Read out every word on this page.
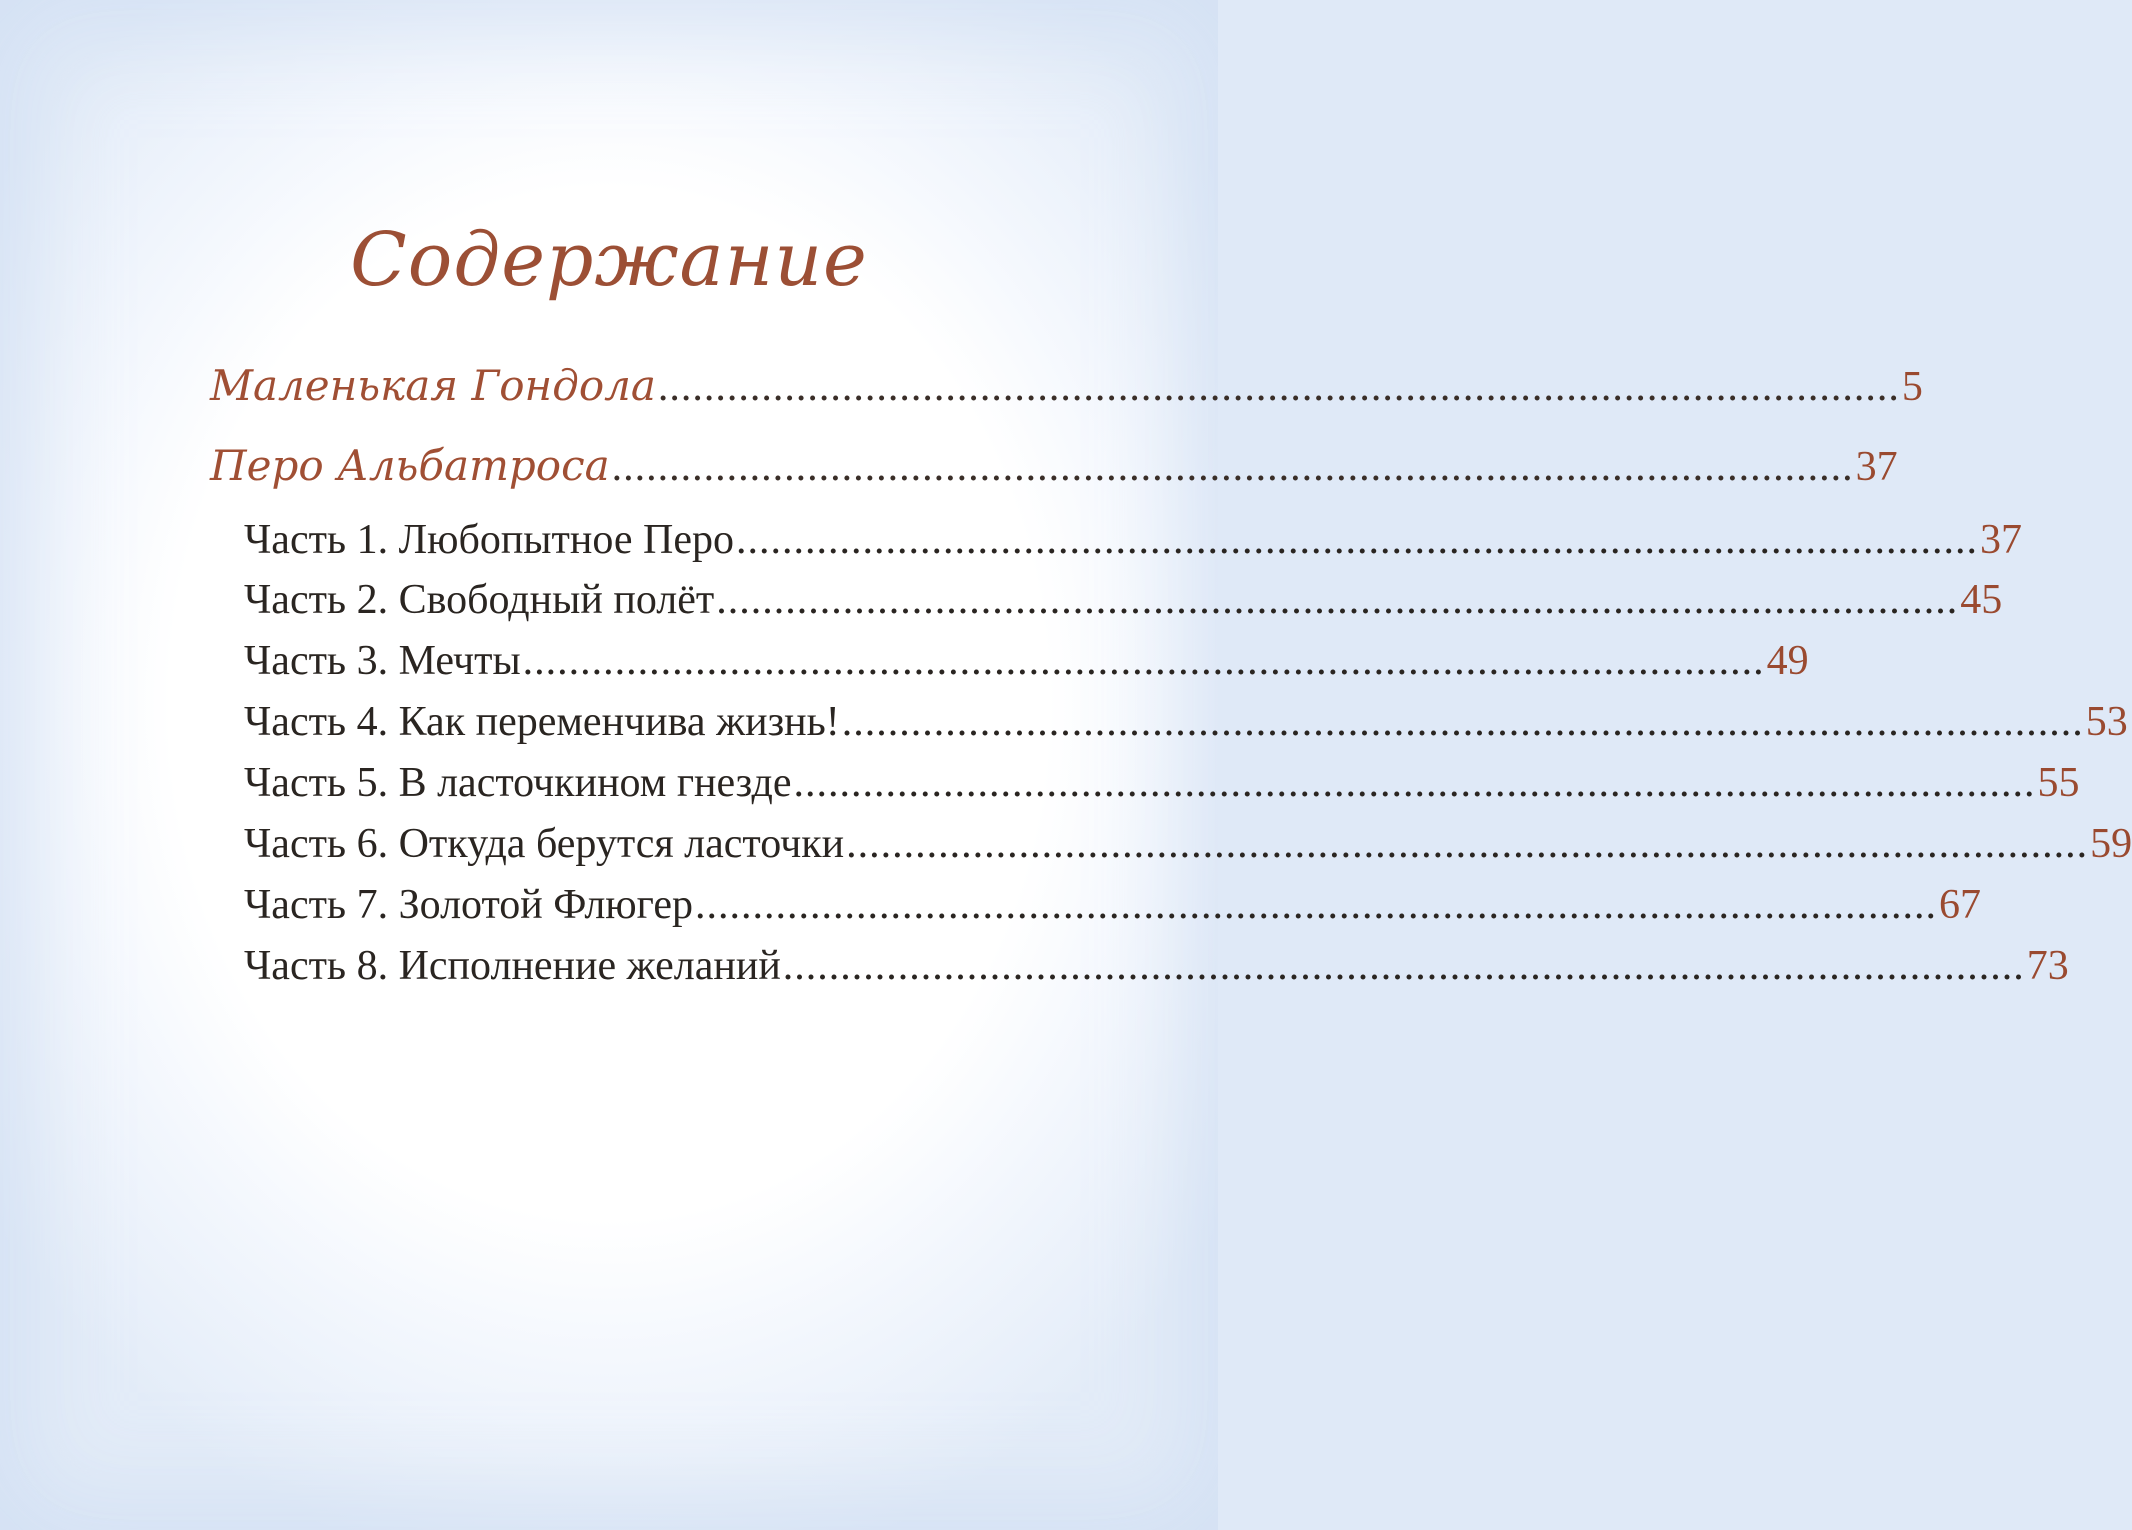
Содержание
Маленькая Гондола ............................................................................................................ 5
Перо Альбатроса ............................................................................................................ 37
Часть 1. Любопытное Перо ............................................................................................................ 37
Часть 2. Свободный полёт ............................................................................................................ 45
Часть 3. Мечты ............................................................................................................ 49
Часть 4. Как переменчива жизнь! ............................................................................................................ 53
Часть 5. В ласточкином гнезде ............................................................................................................ 55
Часть 6. Откуда берутся ласточки ............................................................................................................ 59
Часть 7. Золотой Флюгер ............................................................................................................ 67
Часть 8. Исполнение желаний ............................................................................................................ 73
